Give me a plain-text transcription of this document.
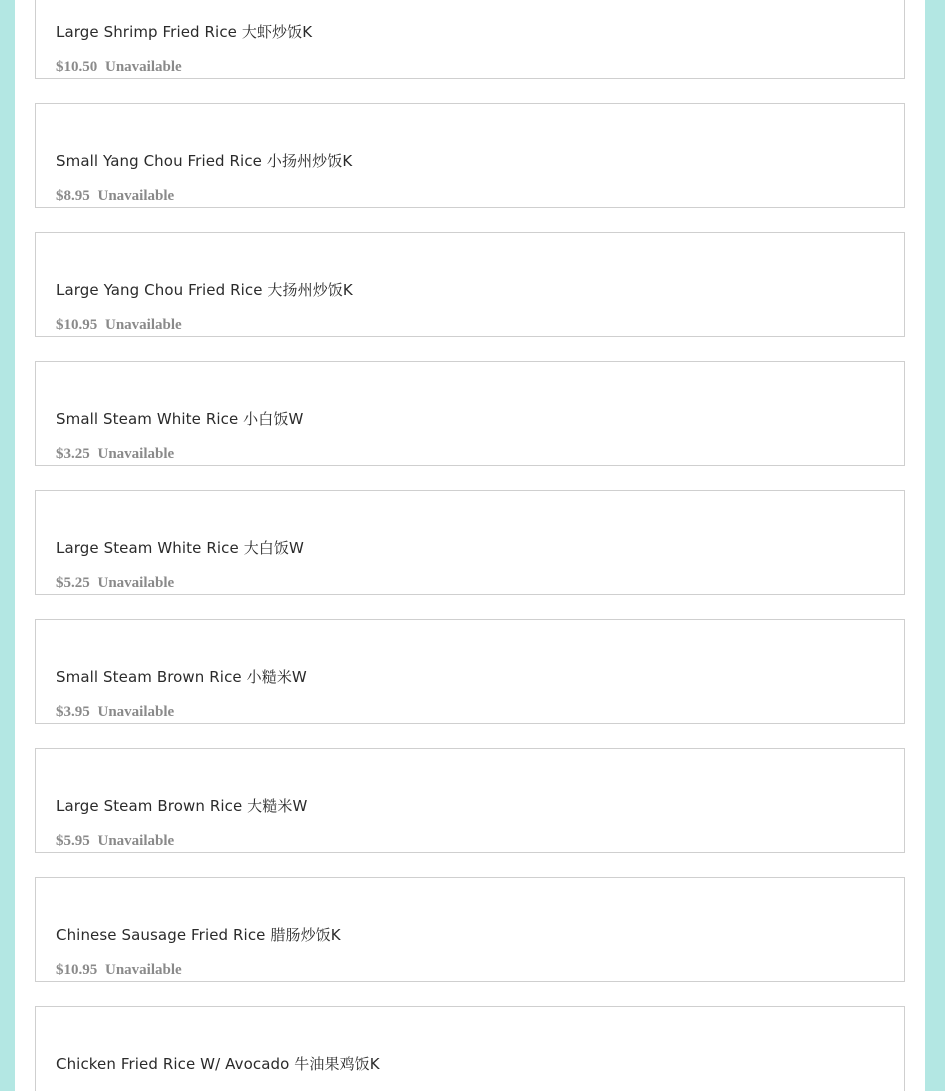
Large Shrimp Fried Rice 大虾炒饭K
$10.50 Unavailable
Small Yang Chou Fried Rice 小扬州炒饭K
$8.95 Unavailable
Large Yang Chou Fried Rice 大扬州炒饭K
$10.95 Unavailable
Small Steam White Rice 小白饭W
$3.25 Unavailable
Large Steam White Rice 大白饭W
$5.25 Unavailable
Small Steam Brown Rice 小糙米W
$3.95 Unavailable
Large Steam Brown Rice 大糙米W
$5.95 Unavailable
Chinese Sausage Fried Rice 腊肠炒饭K
$10.95 Unavailable
Chicken Fried Rice W/ Avocado 牛油果鸡饭K
